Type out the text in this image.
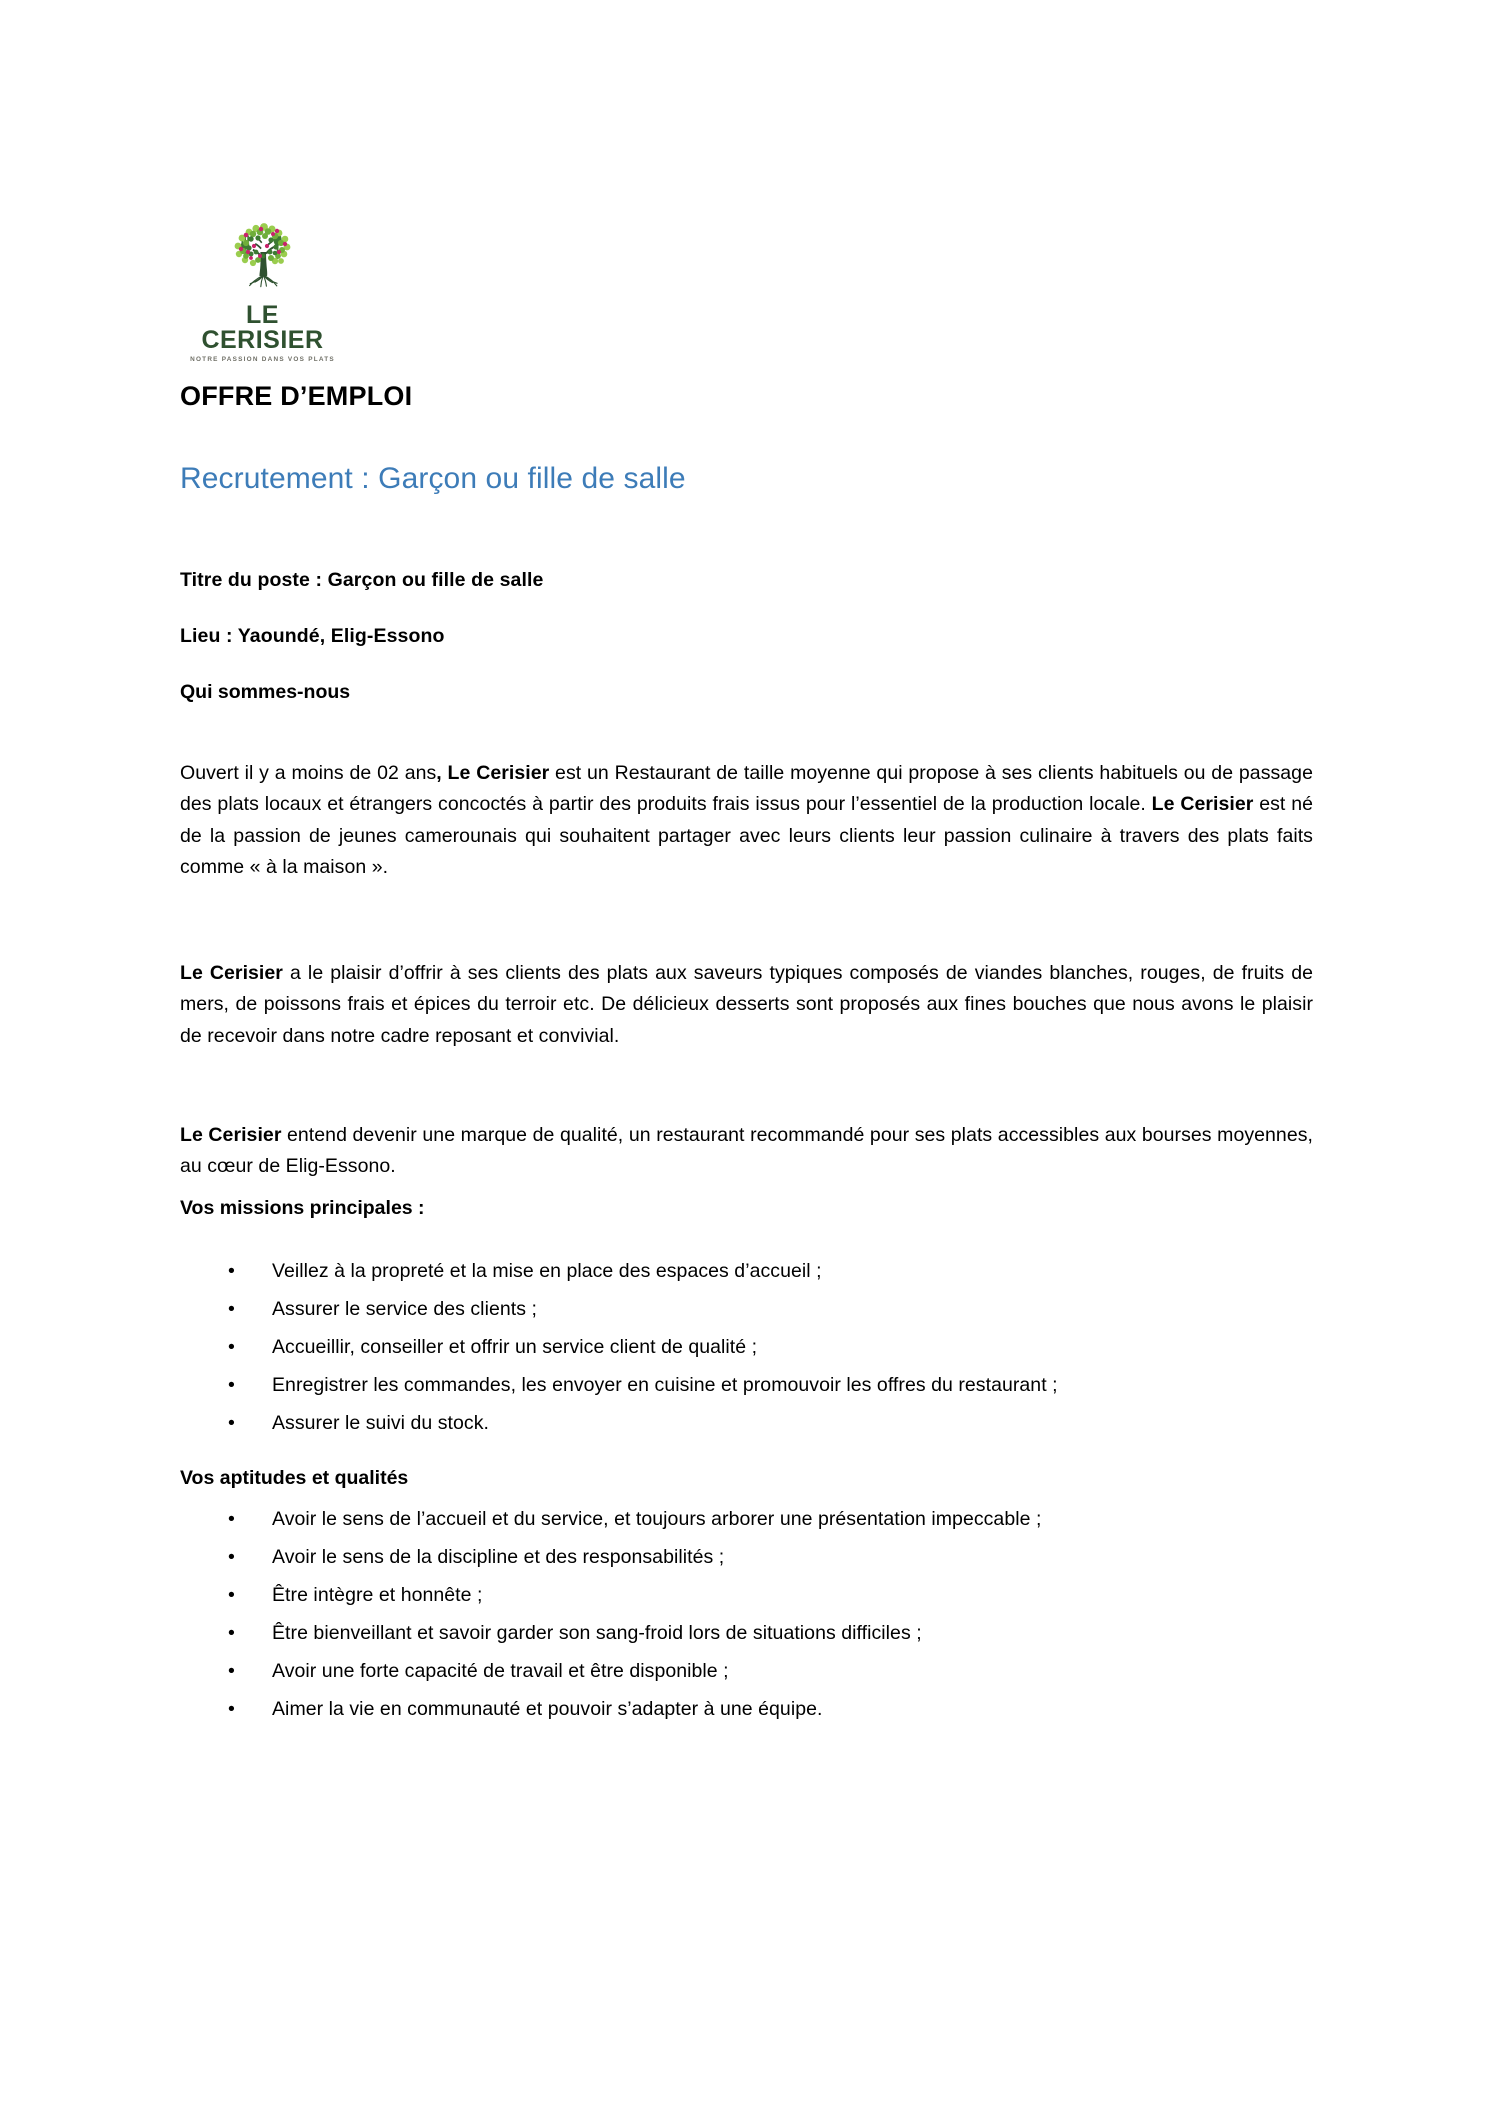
LE CERISIER
NOTRE PASSION DANS VOS PLATS
OFFRE D’EMPLOI
Recrutement : Garçon ou fille de salle
Titre du poste : Garçon ou fille de salle
Lieu : Yaoundé, Elig-Essono
Qui sommes-nous

Ouvert il y a moins de 02 ans, Le Cerisier est un Restaurant de taille moyenne qui propose à ses clients habituels ou de passage des plats locaux et étrangers concoctés à partir des produits frais issus pour l’essentiel de la production locale. Le Cerisier est né de la passion de jeunes camerounais qui souhaitent partager avec leurs clients leur passion culinaire à travers des plats faits comme « à la maison ».

Le Cerisier a le plaisir d’offrir à ses clients des plats aux saveurs typiques composés de viandes blanches, rouges, de fruits de mers, de poissons frais et épices du terroir etc. De délicieux desserts sont proposés aux fines bouches que nous avons le plaisir de recevoir dans notre cadre reposant et convivial.

Le Cerisier entend devenir une marque de qualité, un restaurant recommandé pour ses plats accessibles aux bourses moyennes, au cœur de Elig-Essono.

Vos missions principales :
• Veillez à la propreté et la mise en place des espaces d’accueil ;
• Assurer le service des clients ;
• Accueillir, conseiller et offrir un service client de qualité ;
• Enregistrer les commandes, les envoyer en cuisine et promouvoir les offres du restaurant ;
• Assurer le suivi du stock.
Vos aptitudes et qualités
• Avoir le sens de l’accueil et du service, et toujours arborer une présentation impeccable ;
• Avoir le sens de la discipline et des responsabilités ;
• Être intègre et honnête ;
• Être bienveillant et savoir garder son sang-froid lors de situations difficiles ;
• Avoir une forte capacité de travail et être disponible ;
• Aimer la vie en communauté et pouvoir s’adapter à une équipe.
